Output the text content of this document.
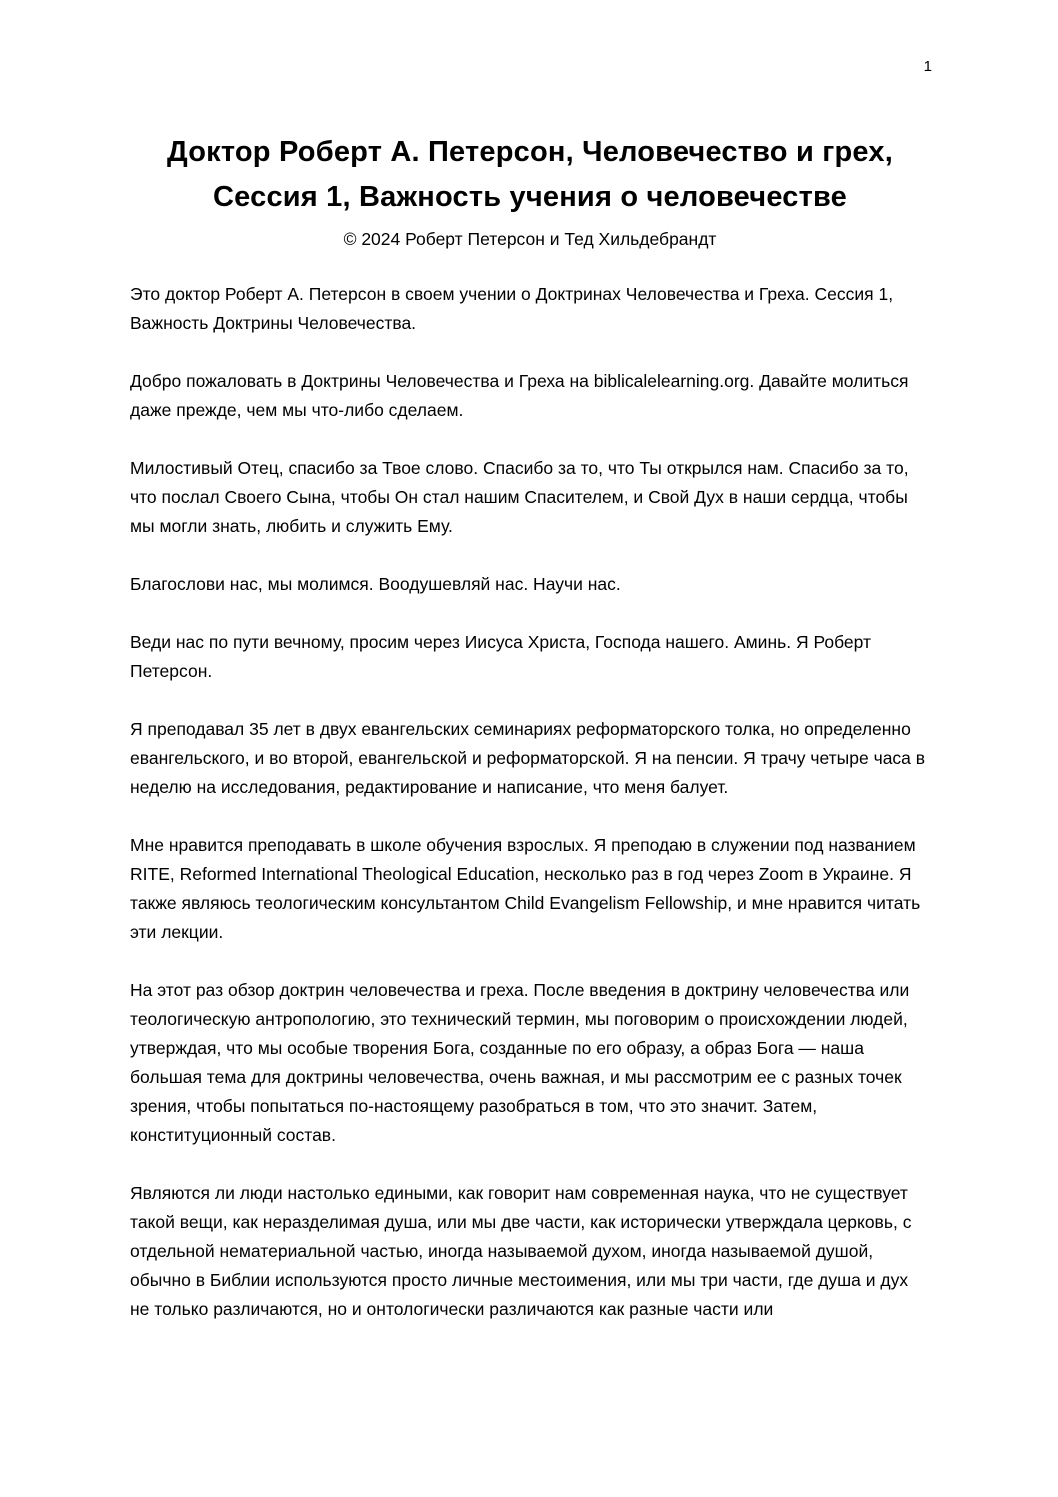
1
Доктор Роберт А. Петерсон, Человечество и грех,
Сессия 1, Важность учения о человечестве
© 2024 Роберт Петерсон и Тед Хильдебрандт

Это доктор Роберт А. Петерсон в своем учении о Доктринах Человечества и Греха. Сессия 1, Важность Доктрины Человечества.

Добро пожаловать в Доктрины Человечества и Греха на biblicalelearning.org. Давайте молиться даже прежде, чем мы что-либо сделаем.

Милостивый Отец, спасибо за Твое слово. Спасибо за то, что Ты открылся нам. Спасибо за то, что послал Своего Сына, чтобы Он стал нашим Спасителем, и Свой Дух в наши сердца, чтобы мы могли знать, любить и служить Ему.

Благослови нас, мы молимся. Воодушевляй нас. Научи нас.

Веди нас по пути вечному, просим через Иисуса Христа, Господа нашего. Аминь. Я Роберт Петерсон.

Я преподавал 35 лет в двух евангельских семинариях реформаторского толка, но определенно евангельского, и во второй, евангельской и реформаторской. Я на пенсии. Я трачу четыре часа в неделю на исследования, редактирование и написание, что меня балует.

Мне нравится преподавать в школе обучения взрослых. Я преподаю в служении под названием RITE, Reformed International Theological Education, несколько раз в год через Zoom в Украине. Я также являюсь теологическим консультантом Child Evangelism Fellowship, и мне нравится читать эти лекции.

На этот раз обзор доктрин человечества и греха. После введения в доктрину человечества или теологическую антропологию, это технический термин, мы поговорим о происхождении людей, утверждая, что мы особые творения Бога, созданные по его образу, а образ Бога — наша большая тема для доктрины человечества, очень важная, и мы рассмотрим ее с разных точек зрения, чтобы попытаться по-настоящему разобраться в том, что это значит. Затем, конституционный состав.

Являются ли люди настолько едиными, как говорит нам современная наука, что не существует такой вещи, как неразделимая душа, или мы две части, как исторически утверждала церковь, с отдельной нематериальной частью, иногда называемой духом, иногда называемой душой, обычно в Библии используются просто личные местоимения, или мы три части, где душа и дух не только различаются, но и онтологически различаются как разные части или
